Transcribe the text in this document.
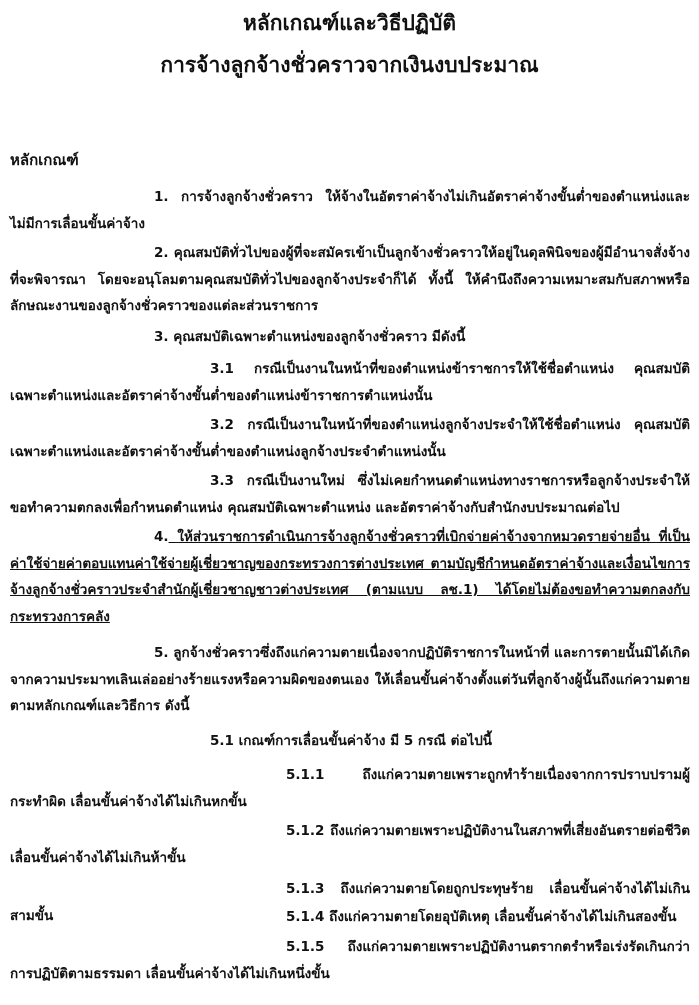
หลักเกณฑ์และวิธีปฏิบัติ
การจ้างลูกจ้างชั่วคราวจากเงินงบประมาณ
หลักเกณฑ์
1. การจ้างลูกจ้างชั่วคราว ให้จ้างในอัตราค่าจ้างไม่เกินอัตราค่าจ้างขั้นต่ำของตำแหน่งและไม่มีการเลื่อนขั้นค่าจ้าง
2. คุณสมบัติทั่วไปของผู้ที่จะสมัครเข้าเป็นลูกจ้างชั่วคราวให้อยู่ในดุลพินิจของผู้มีอำนาจสั่งจ้างที่จะพิจารณา โดยจะอนุโลมตามคุณสมบัติทั่วไปของลูกจ้างประจำก็ได้ ทั้งนี้ ให้คำนึงถึงความเหมาะสมกับสภาพหรือลักษณะงานของลูกจ้างชั่วคราวของแต่ละส่วนราชการ
3. คุณสมบัติเฉพาะตำแหน่งของลูกจ้างชั่วคราว มีดังนี้
3.1 กรณีเป็นงานในหน้าที่ของตำแหน่งข้าราชการให้ใช้ชื่อตำแหน่ง คุณสมบัติเฉพาะตำแหน่งและอัตราค่าจ้างขั้นต่ำของตำแหน่งข้าราชการตำแหน่งนั้น
3.2 กรณีเป็นงานในหน้าที่ของตำแหน่งลูกจ้างประจำให้ใช้ชื่อตำแหน่ง คุณสมบัติเฉพาะตำแหน่งและอัตราค่าจ้างขั้นต่ำของตำแหน่งลูกจ้างประจำตำแหน่งนั้น
3.3 กรณีเป็นงานใหม่ ซึ่งไม่เคยกำหนดตำแหน่งทางราชการหรือลูกจ้างประจำให้ขอทำความตกลงเพื่อกำหนดตำแหน่ง คุณสมบัติเฉพาะตำแหน่ง และอัตราค่าจ้างกับสำนักงบประมาณต่อไป
4. ให้ส่วนราชการดำเนินการจ้างลูกจ้างชั่วคราวที่เบิกจ่ายค่าจ้างจากหมวดรายจ่ายอื่น ที่เป็นค่าใช้จ่ายค่าตอบแทนค่าใช้จ่ายผู้เชี่ยวชาญของกระทรวงการต่างประเทศ ตามบัญชีกำหนดอัตราค่าจ้างและเงื่อนไขการจ้างลูกจ้างชั่วคราวประจำสำนักผู้เชี่ยวชาญชาวต่างประเทศ (ตามแบบ ลช.1) ได้โดยไม่ต้องขอทำความตกลงกับกระทรวงการคลัง
5. ลูกจ้างชั่วคราวซึ่งถึงแก่ความตายเนื่องจากปฏิบัติราชการในหน้าที่ และการตายนั้นมิได้เกิดจากความประมาทเลินเล่ออย่างร้ายแรงหรือความผิดของตนเอง ให้เลื่อนขั้นค่าจ้างตั้งแต่วันที่ลูกจ้างผู้นั้นถึงแก่ความตาย ตามหลักเกณฑ์และวิธีการ ดังนี้
5.1 เกณฑ์การเลื่อนขั้นค่าจ้าง มี 5 กรณี ต่อไปนี้
5.1.1	ถึงแก่ความตายเพราะถูกทำร้ายเนื่องจากการปราบปรามผู้กระทำผิด เลื่อนขั้นค่าจ้างได้ไม่เกินหกขั้น
5.1.2 ถึงแก่ความตายเพราะปฏิบัติงานในสภาพที่เสี่ยงอันตรายต่อชีวิต เลื่อนขั้นค่าจ้างได้ไม่เกินห้าขั้น
5.1.3 ถึงแก่ความตายโดยถูกประทุษร้าย เลื่อนขั้นค่าจ้างได้ไม่เกินสามขั้น	5.1.4 ถึงแก่ความตายโดยอุบัติเหตุ เลื่อนขั้นค่าจ้างได้ไม่เกินสองขั้น
5.1.5 ถึงแก่ความตายเพราะปฏิบัติงานตรากตรำหรือเร่งรัดเกินกว่าการปฏิบัติตามธรรมดา เลื่อนขั้นค่าจ้างได้ไม่เกินหนึ่งขั้น
